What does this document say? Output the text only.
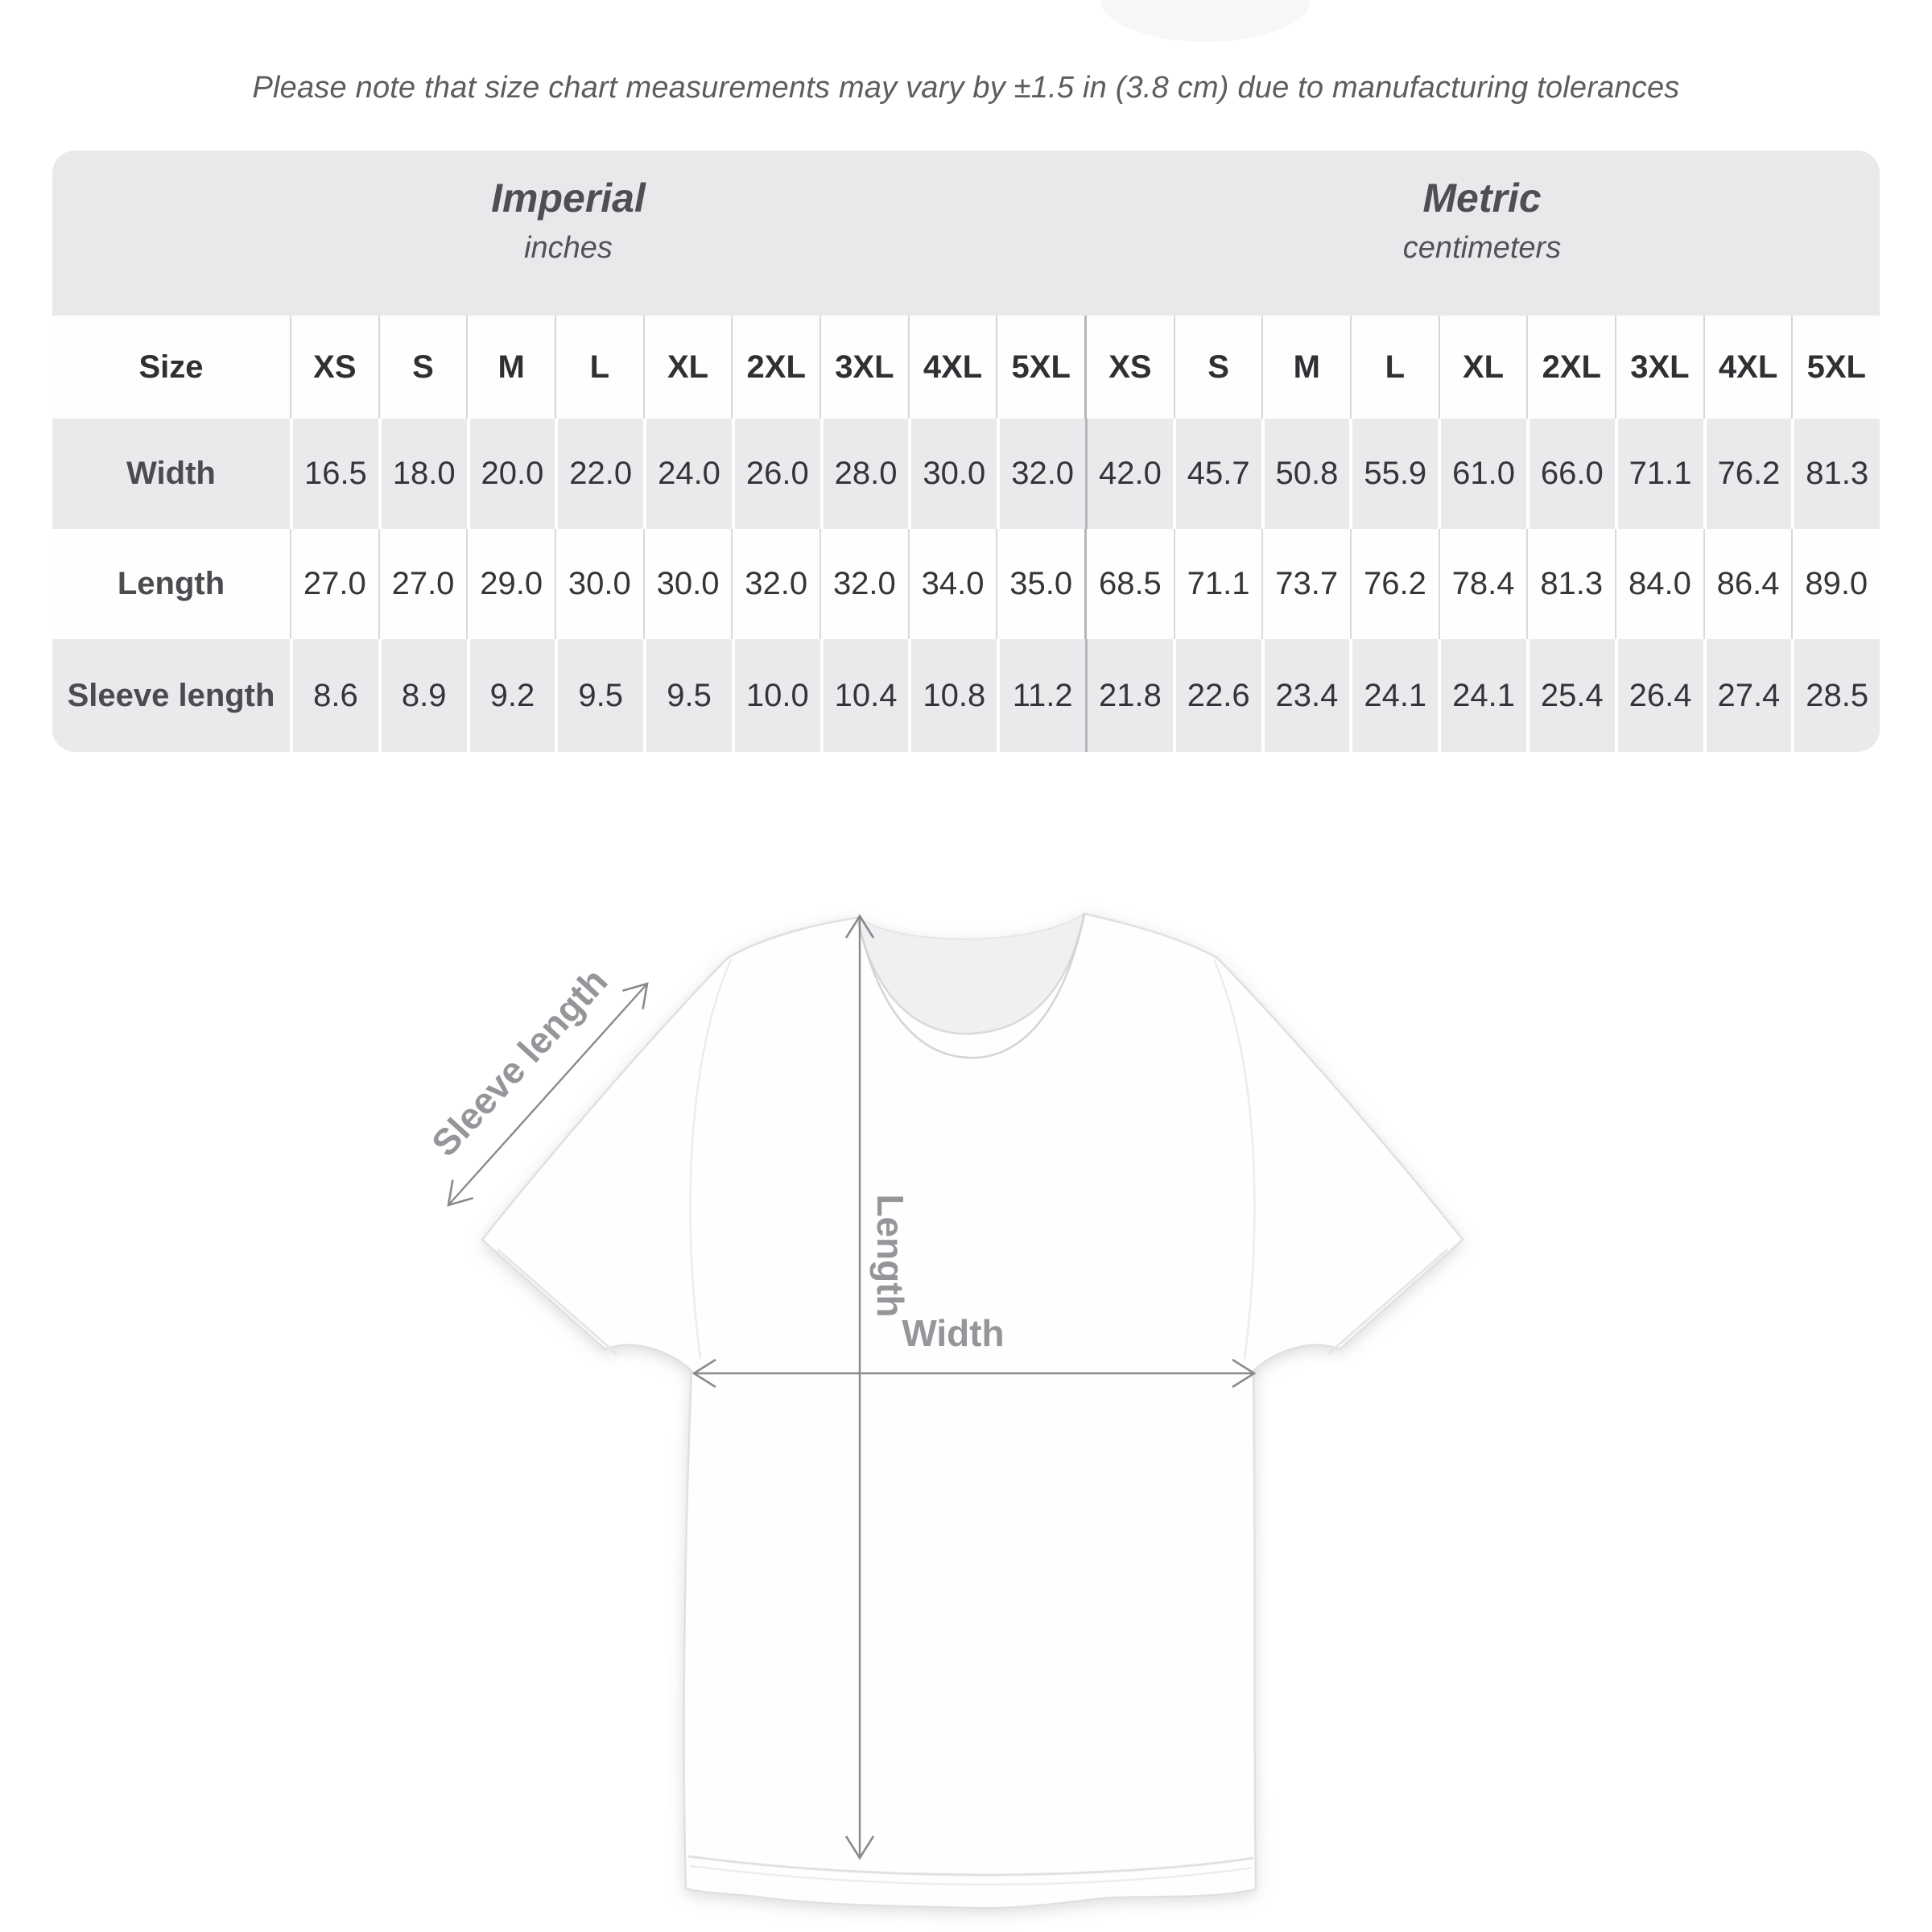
Please note that size chart measurements may vary by ±1.5 in (3.8 cm) due to manufacturing tolerances
Imperial
inches
Metric
centimeters
Size	XS	S	M	L	XL	2XL 3XL 4XL 5XL	XS	S	M	L	XL	2XL 3XL 4XL 5XL
Width	16.5 18.0 20.0 22.0 24.0 26.0 28.0 30.0 32.0 42.0 45.7 50.8 55.9 61.0 66.0 71.1 76.2 81.3
Length	27.0 27.0 29.0 30.0 30.0 32.0 32.0 34.0 35.0 68.5 71.1 73.7 76.2 78.4 81.3 84.0 86.4 89.0
Sleeve length	8.6	8.9	9.2	9.5	9.5	10.0 10.4 10.8 11.2 21.8 22.6 23.4 24.1 24.1 25.4 26.4 27.4 28.5
Length
Width
Sleeve length
